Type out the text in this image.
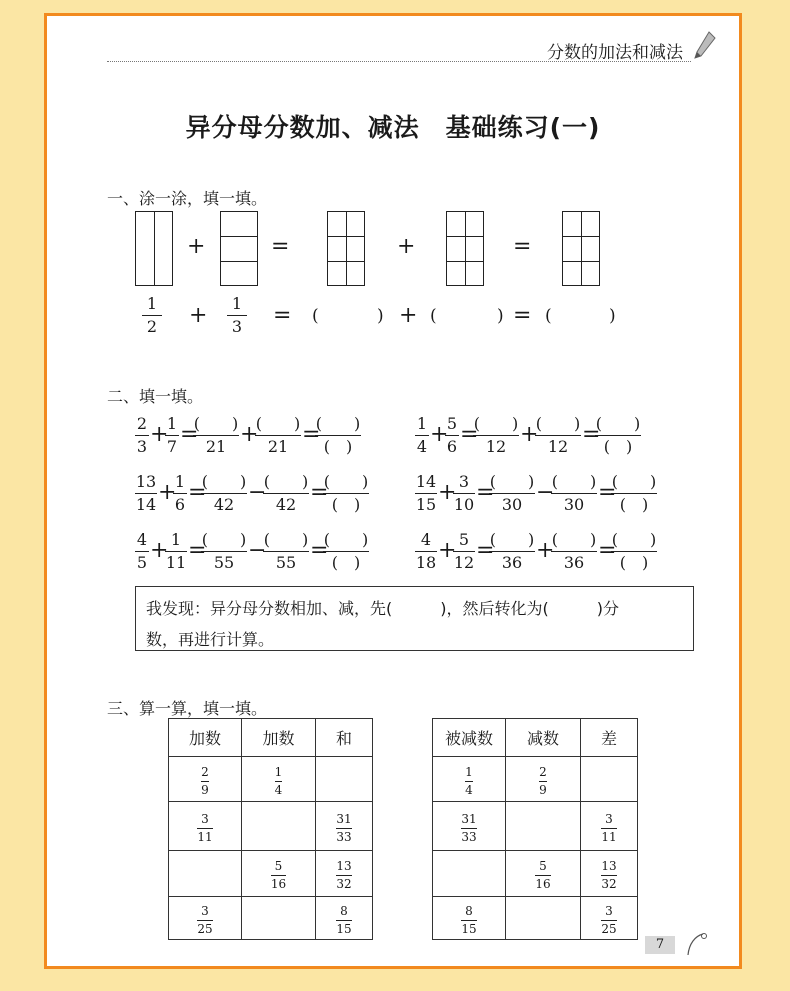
分数的加法和减法
异分母分数加、减法　基础练习(一)
一、涂一涂，填一填。
+	=	+	=
1
2
1
3
+	= (	)	(	) (	)
+	=
二、填一填。
2
3 +
1
7 =
(　　)
21 +
(　　)
21 =
(　　)
(　)
1
4 +
5
6 =
(　　)
12 +
(　　)
12 =
(　　)
(　)
13
14 +
1
6 =
(　　)
42 −
(　　)
42 =
(　　)
(　)
14
15 + 3
10 =
(　　)
30 −
(　　)
30 =
(　　)
(　)
4
5 + 1
11 =
(　　)
55 −
(　　)
55 =
(　　)
(　)
4
18 + 5
12 =
(　　)
36 +
(　　)
36 =
(　　)
(　)
我发现：异分母分数相加、减，先(　　　)，然后转化为(　　　)分
数，再进行计算。
三、算一算，填一填。
加数	加数	和

$\frac{2}{9}$	$\frac{1}{4}$

$\frac{3}{11}$		$\frac{31}{33}$

	$\frac{5}{16}$	$\frac{13}{32}$

$\frac{3}{25}$		$\frac{8}{15}$
被减数	减数	差

$\frac{1}{4}$	$\frac{2}{9}$

$\frac{31}{33}$		$\frac{3}{11}$

	$\frac{5}{16}$	$\frac{13}{32}$

$\frac{8}{15}$		$\frac{3}{25}$
7
